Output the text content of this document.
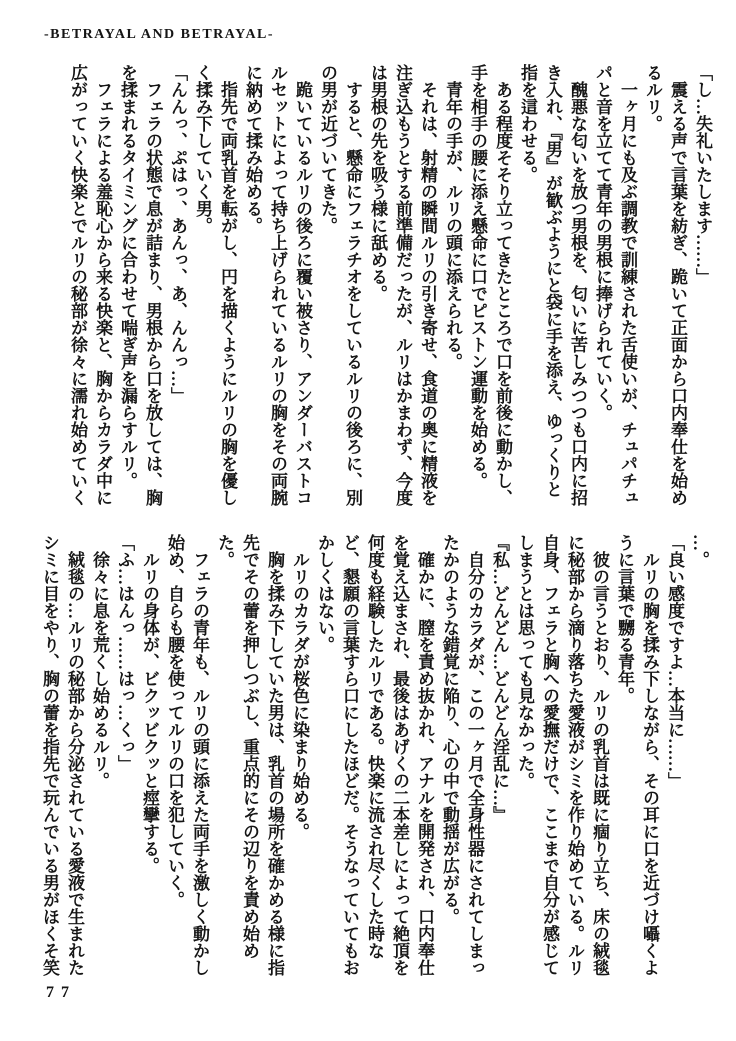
-BETRAYAL AND BETRAYAL-

「し…失礼いたします……」

　震える声で言葉を紡ぎ、跪いて正面から口内奉仕を始めるルリ。

　一ヶ月にも及ぶ調教で訓練された舌使いが、チュパチュパと音を立てて青年の男根に捧げられていく。

　醜悪な匂いを放つ男根を、匂いに苦しみつつも口内に招き入れ、『男』が歓ぶようにと袋に手を添え、ゆっくりと指を這わせる。

　ある程度そそり立ってきたところで口を前後に動かし、手を相手の腰に添え懸命に口でピストン運動を始める。

　青年の手が、ルリの頭に添えられる。

　それは、射精の瞬間ルリの引き寄せ、食道の奥に精液を注ぎ込もうとする前準備だったが、ルリはかまわず、今度は男根の先を吸う様に舐める。

　すると、懸命にフェラチオをしているルリの後ろに、別の男が近づいてきた。

　跪いているルリの後ろに覆い被さり、アンダーバストコルセットによって持ち上げられているルリの胸をその両腕に納めて揉み始める。

　指先で両乳首を転がし、円を描くようにルリの胸を優しく揉み下していく男。

「んんっ、ぷはっ、あんっ、あ、んんっ…」

　フェラの状態で息が詰まり、男根から口を放しては、胸を揉まれるタイミングに合わせて喘ぎ声を漏らすルリ。

　フェラによる羞恥心から来る快楽と、胸からカラダ中に広がっていく快楽とでルリの秘部が徐々に濡れ始めていく

…。

「良い感度ですよ…本当に……」

　ルリの胸を揉み下しながら、その耳に口を近づけ囁くように言葉で嬲る青年。

　彼の言うとおり、ルリの乳首は既に痼り立ち、床の絨毯に秘部から滴り落ちた愛液がシミを作り始めている。ルリ自身、フェラと胸への愛撫だけで、ここまで自分が感じてしまうとは思っても見なかった。

『私…どんどん…どんどん淫乱に…』

　自分のカラダが、この一ヶ月で全身性器にされてしまったかのような錯覚に陥り、心の中で動揺が広がる。

　確かに、膣を責め抜かれ、アナルを開発され、口内奉仕を覚え込まされ、最後はあげくの二本差しによって絶頂を何度も経験したルリである。快楽に流され尽くした時など、懇願の言葉すら口にしたほどだ。そうなっていてもおかしくはない。

　ルリのカラダが桜色に染まり始める。

　胸を揉み下していた男は、乳首の場所を確かめる様に指先でその蕾を押しつぶし、重点的にその辺りを責め始めた。

　フェラの青年も、ルリの頭に添えた両手を激しく動かし始め、自らも腰を使ってルリの口を犯していく。

　ルリの身体が、ビクッビクッと痙攣する。

「ふ…はんっ……はっ…くっ」

　徐々に息を荒くし始めるルリ。

　絨毯の…ルリの秘部から分泌されている愛液で生まれたシミに目をやり、胸の蕾を指先で玩んでいる男がほくそ笑

77
